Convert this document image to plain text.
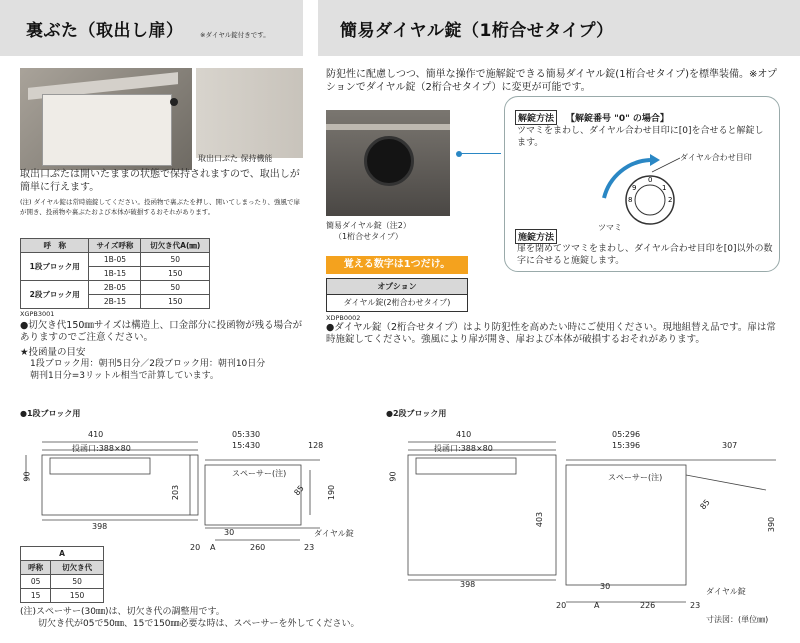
裏ぶた（取出し扉）	※ダイヤル錠付きです。	簡易ダイヤル錠（1桁合せタイプ）
取出口ぶた 保持機能
取出口ぶたは開いたままの状態で保持されますので、取出しが簡単に行えます。
(注) ダイヤル錠は常時施錠してください。投函物で裏ぶたを押し、開いてしまったり、強風で扉が開き、投函物や裏ぶたおよび本体が破損するおそれがあります。
呼　称	サイズ呼称	切欠き代A(㎜)
1段ブロック用	1B-05	50
	1B-15	150
2段ブロック用	2B-05	50
	2B-15	150
XGPB3001
●切欠き代150㎜サイズは構造上、口金部分に投函物が残る場合がありますのでご注意ください。
★投函量の目安
1段ブロック用：朝刊5日分／2段ブロック用：朝刊10日分
朝刊1日分=3リットル相当で計算しています。
防犯性に配慮しつつ、簡単な操作で施解錠できる簡易ダイヤル錠(1桁合せタイプ)を標準装備。※オプションでダイヤル錠（2桁合せタイプ）に変更が可能です。
簡易ダイヤル錠（注2）
（1桁合せタイプ）
覚える数字は1つだけ。
オプション
ダイヤル錠(2桁合わせタイプ)
XDPB0002
解錠方法	【解錠番号 "0" の場合】
ツマミをまわし、ダイヤル合わせ目印に[0]を合せると解錠します。
ダイヤル合わせ目印
0
1
2
9
8
ツマミ
施錠方法
扉を閉めてツマミをまわし、ダイヤル合わせ目印を[0]以外の数字に合せると施錠します。
●ダイヤル錠（2桁合せタイプ）はより防犯性を高めたい時にご使用ください。現地組替え品です。扉は常時施錠してください。強風により扉が開き、扉および本体が破損するおそれがあります。
●1段ブロック用
410
投函口:388×80
90
203
398
05:330
15:430	128
スペーサー(注)
85	190
30
20 A	260	23
ダイヤル錠
A	
呼称	切欠き代
05	50
15	150
●2段ブロック用
410
投函口:388×80
90
403
398
05:296
15:396	307
スペーサー(注)
85
390
30
20	A	226	23
ダイヤル錠
寸法図：(単位㎜)
(注)スペーサー(30㎜)は、切欠き代の調整用です。
切欠き代が05で50㎜、15で150㎜必要な時は、スペーサーを外してください。
